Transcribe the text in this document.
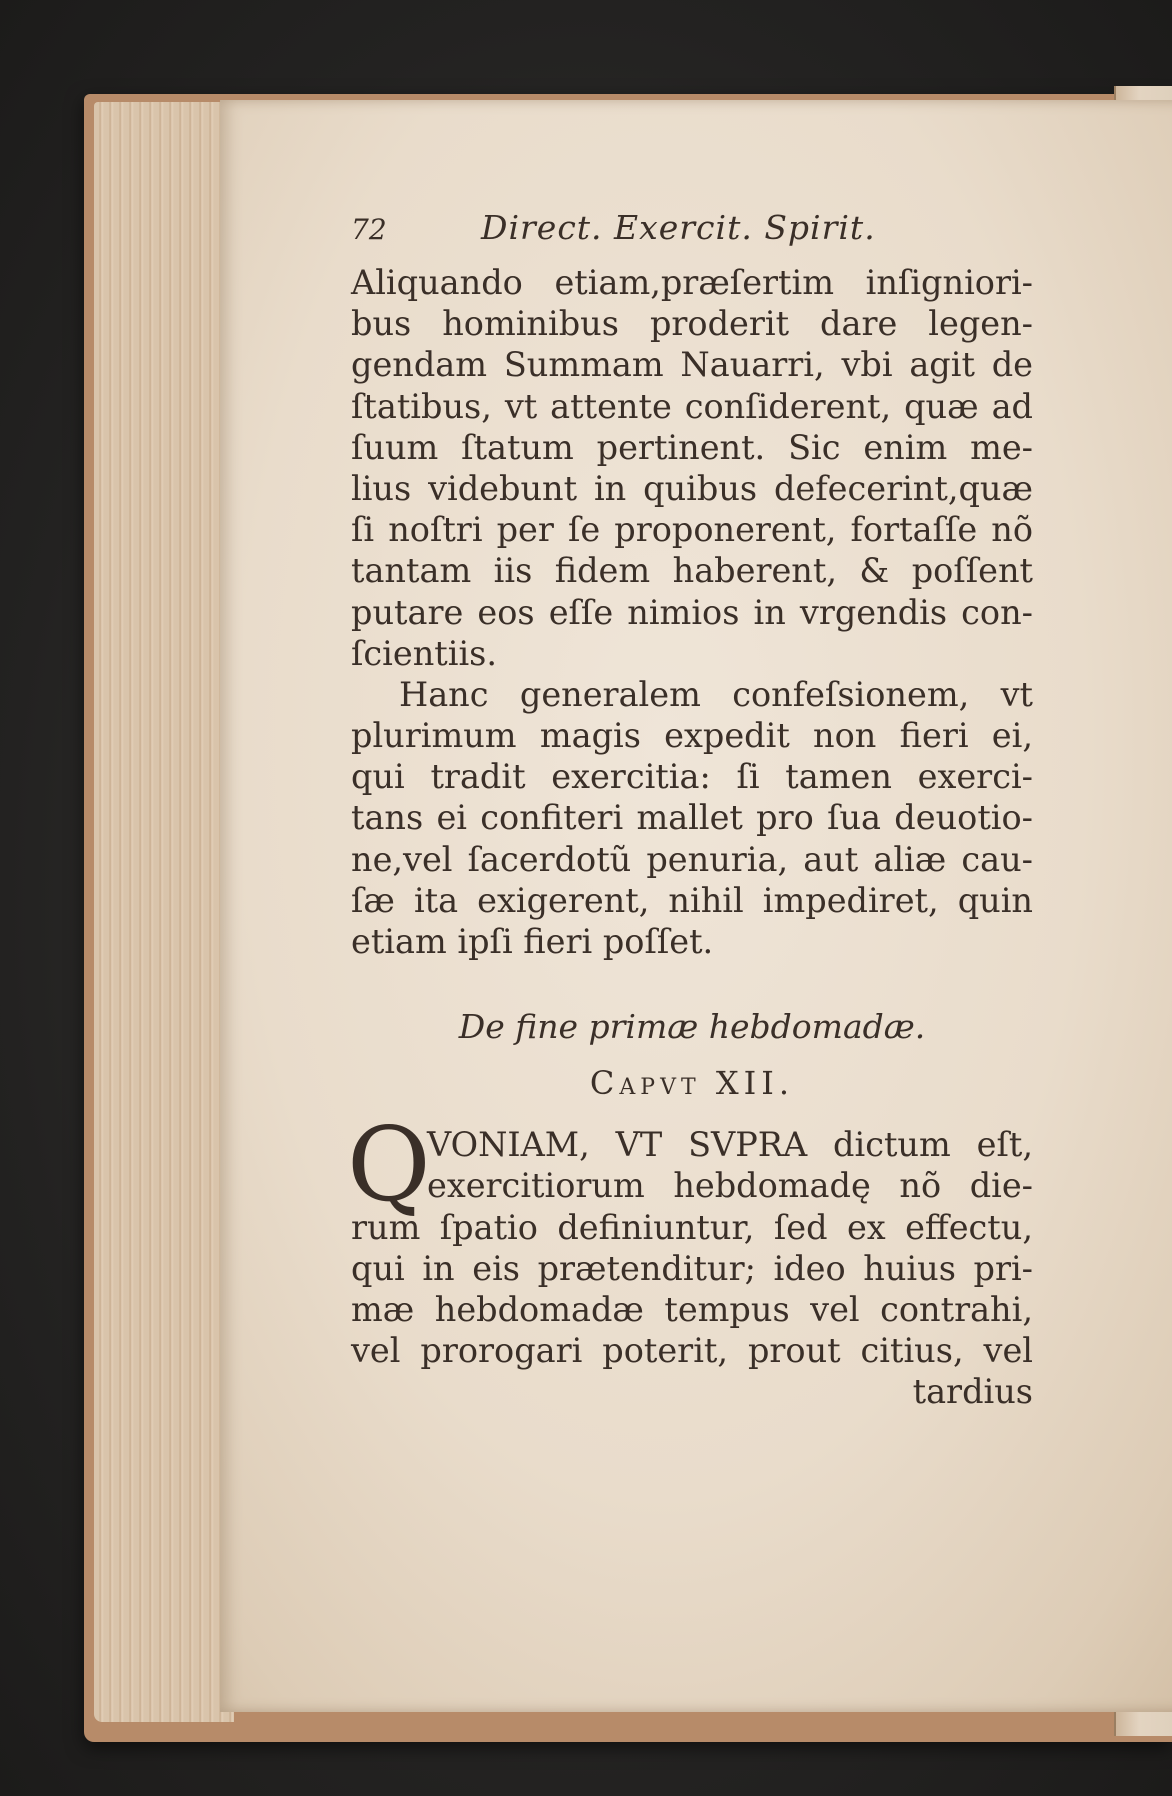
72	Direct. Exercit. Spirit.
Aliquando etiam,præſertim inſigniori-
bus hominibus proderit dare legen-
gendam Summam Nauarri, vbi agit de
ſtatibus, vt attente conſiderent, quæ ad
ſuum ſtatum pertinent. Sic enim me-
lius videbunt in quibus defecerint,quæ
ſi noſtri per ſe proponerent, fortaſſe nõ
tantam iis fidem haberent, & poſſent
putare eos eſſe nimios in vrgendis con-
ſcientiis.
Hanc generalem confeſsionem, vt
plurimum magis expedit non fieri ei,
qui tradit exercitia: ſi tamen exerci-
tans ei confiteri mallet pro ſua deuotio-
ne,vel ſacerdotũ penuria, aut aliæ cau-
ſæ ita exigerent, nihil impediret, quin
etiam ipſi fieri poſſet.
De fine primæ hebdomadæ.
Capvt XII.
Q
VONIAM, VT SVPRA dictum eſt,
exercitiorum hebdomadę nõ die-
rum ſpatio definiuntur, ſed ex effectu,
qui in eis prætenditur; ideo huius pri-
mæ hebdomadæ tempus vel contrahi,
vel prorogari poterit, prout citius, vel
tardius
